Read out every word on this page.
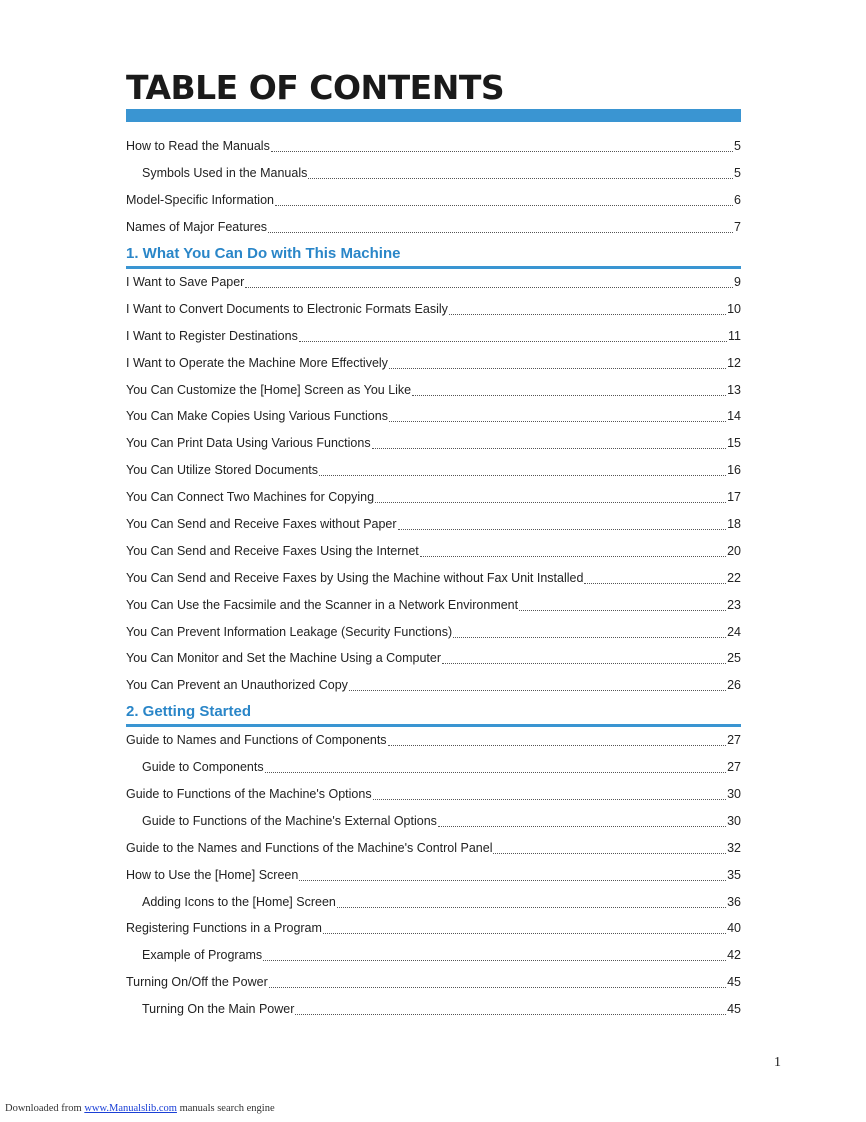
TABLE OF CONTENTS
How to Read the Manuals	5
Symbols Used in the Manuals	5
Model-Specific Information	6
Names of Major Features	7
1. What You Can Do with This Machine
I Want to Save Paper	9
I Want to Convert Documents to Electronic Formats Easily	10
I Want to Register Destinations	11
I Want to Operate the Machine More Effectively	12
You Can Customize the [Home] Screen as You Like	13
You Can Make Copies Using Various Functions	14
You Can Print Data Using Various Functions	15
You Can Utilize Stored Documents	16
You Can Connect Two Machines for Copying	17
You Can Send and Receive Faxes without Paper	18
You Can Send and Receive Faxes Using the Internet	20
You Can Send and Receive Faxes by Using the Machine without Fax Unit Installed	22
You Can Use the Facsimile and the Scanner in a Network Environment	23
You Can Prevent Information Leakage (Security Functions)	24
You Can Monitor and Set the Machine Using a Computer	25
You Can Prevent an Unauthorized Copy	26
2. Getting Started
Guide to Names and Functions of Components	27
Guide to Components	27
Guide to Functions of the Machine's Options	30
Guide to Functions of the Machine's External Options	30
Guide to the Names and Functions of the Machine's Control Panel	32
How to Use the [Home] Screen	35
Adding Icons to the [Home] Screen	36
Registering Functions in a Program	40
Example of Programs	42
Turning On/Off the Power	45
Turning On the Main Power	45
1
Downloaded from www.Manualslib.com manuals search engine
